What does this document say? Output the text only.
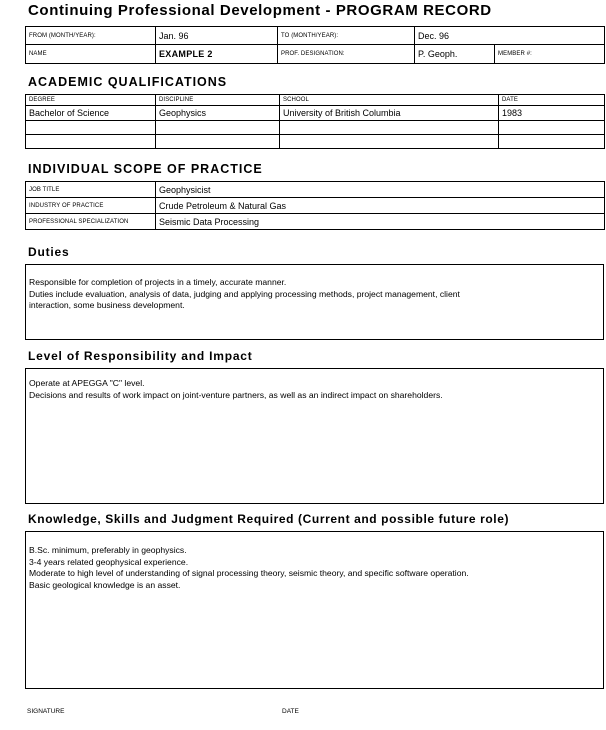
Continuing Professional Development - PROGRAM RECORD
FROM (MONTH/YEAR):	Jan. 96	TO (MONTH/YEAR):	Dec. 96	
NAME	EXAMPLE 2	PROF. DESIGNATION:	P. Geoph.	MEMBER #:
ACADEMIC QUALIFICATIONS
DEGREE	DISCIPLINE	SCHOOL	DATE
Bachelor of Science	Geophysics	University of British Columbia	1983

INDIVIDUAL SCOPE OF PRACTICE
JOB TITLE	Geophysicist
INDUSTRY OF PRACTICE	Crude Petroleum & Natural Gas
PROFESSIONAL SPECIALIZATION	Seismic Data Processing
Duties
Responsible for completion of projects in a timely, accurate manner.
Duties include evaluation, analysis of data, judging and applying processing methods, project management, client
interaction, some business development.
Level of Responsibility and Impact
Operate at APEGGA "C" level.
Decisions and results of work impact on joint-venture partners, as well as an indirect impact on shareholders.
Knowledge, Skills and Judgment Required (Current and possible future role)
B.Sc. minimum, preferably in geophysics.
3-4 years related geophysical experience.
Moderate to high level of understanding of signal processing theory, seismic theory, and specific software operation.
Basic geological knowledge is an asset.
SIGNATURE	DATE
